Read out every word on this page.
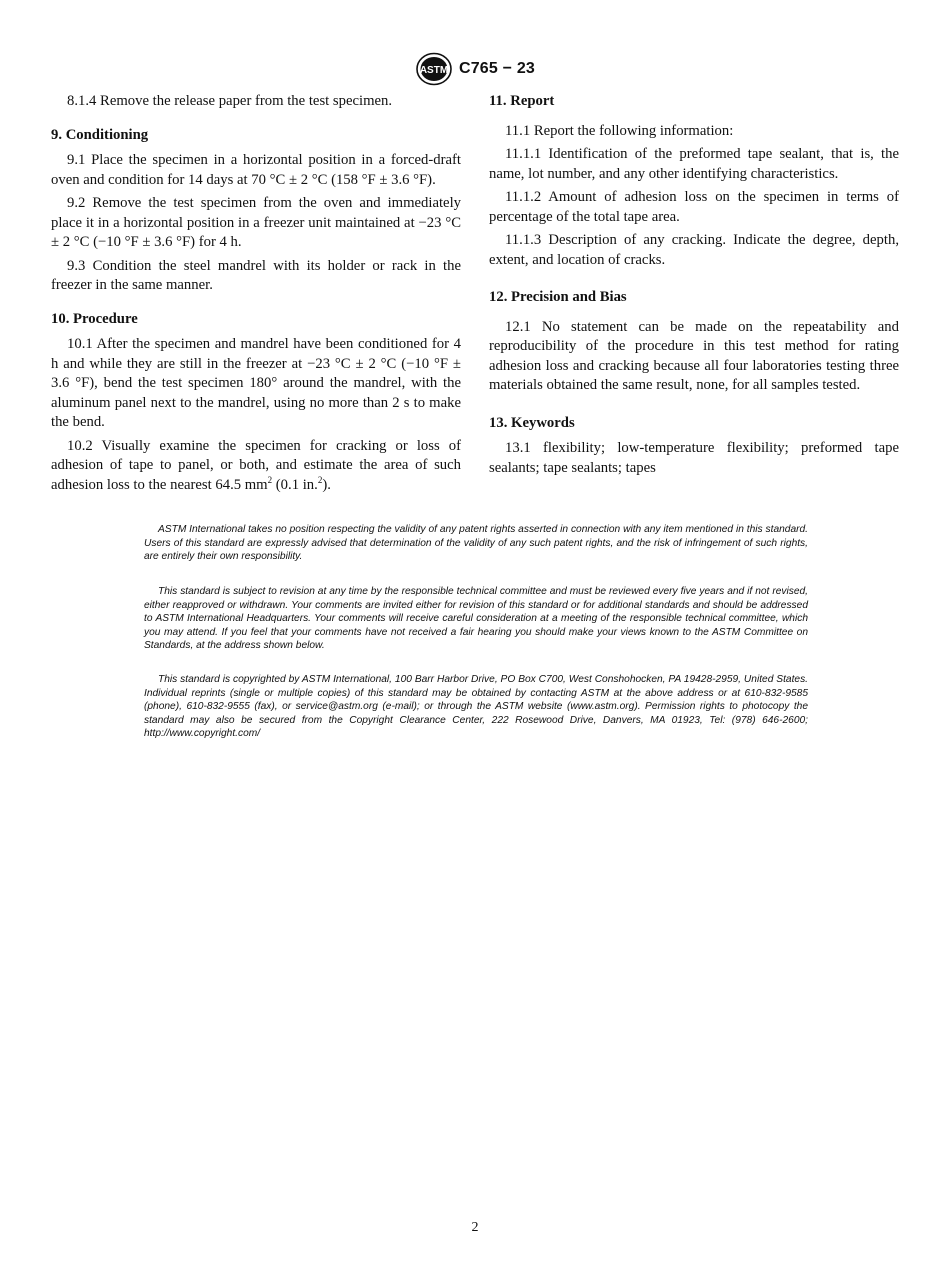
ASTM C765 − 23

8.1.4 Remove the release paper from the test specimen.

9. Conditioning

9.1 Place the specimen in a horizontal position in a forced-draft oven and condition for 14 days at 70 °C ± 2 °C (158 °F ± 3.6 °F).

9.2 Remove the test specimen from the oven and immediately place it in a horizontal position in a freezer unit maintained at −23 °C ± 2 °C (−10 °F ± 3.6 °F) for 4 h.

9.3 Condition the steel mandrel with its holder or rack in the freezer in the same manner.

10. Procedure

10.1 After the specimen and mandrel have been conditioned for 4 h and while they are still in the freezer at −23 °C ± 2 °C (−10 °F ± 3.6 °F), bend the test specimen 180° around the mandrel, with the aluminum panel next to the mandrel, using no more than 2 s to make the bend.

10.2 Visually examine the specimen for cracking or loss of adhesion of tape to panel, or both, and estimate the area of such adhesion loss to the nearest 64.5 $mm^2$ (0.1 in.$^2$).

11. Report

11.1 Report the following information:

11.1.1 Identification of the preformed tape sealant, that is, the name, lot number, and any other identifying characteristics.

11.1.2 Amount of adhesion loss on the specimen in terms of percentage of the total tape area.

11.1.3 Description of any cracking. Indicate the degree, depth, extent, and location of cracks.

12. Precision and Bias

12.1 No statement can be made on the repeatability and reproducibility of the procedure in this test method for rating adhesion loss and cracking because all four laboratories testing three materials obtained the same result, none, for all samples tested.

13. Keywords

13.1 flexibility; low-temperature flexibility; preformed tape sealants; tape sealants; tapes

ASTM International takes no position respecting the validity of any patent rights asserted in connection with any item mentioned in this standard. Users of this standard are expressly advised that determination of the validity of any such patent rights, and the risk of infringement of such rights, are entirely their own responsibility.

This standard is subject to revision at any time by the responsible technical committee and must be reviewed every five years and if not revised, either reapproved or withdrawn. Your comments are invited either for revision of this standard or for additional standards and should be addressed to ASTM International Headquarters. Your comments will receive careful consideration at a meeting of the responsible technical committee, which you may attend. If you feel that your comments have not received a fair hearing you should make your views known to the ASTM Committee on Standards, at the address shown below.

This standard is copyrighted by ASTM International, 100 Barr Harbor Drive, PO Box C700, West Conshohocken, PA 19428-2959, United States. Individual reprints (single or multiple copies) of this standard may be obtained by contacting ASTM at the above address or at 610-832-9585 (phone), 610-832-9555 (fax), or service@astm.org (e-mail); or through the ASTM website (www.astm.org). Permission rights to photocopy the standard may also be secured from the Copyright Clearance Center, 222 Rosewood Drive, Danvers, MA 01923, Tel: (978) 646-2600; http://www.copyright.com/

2
